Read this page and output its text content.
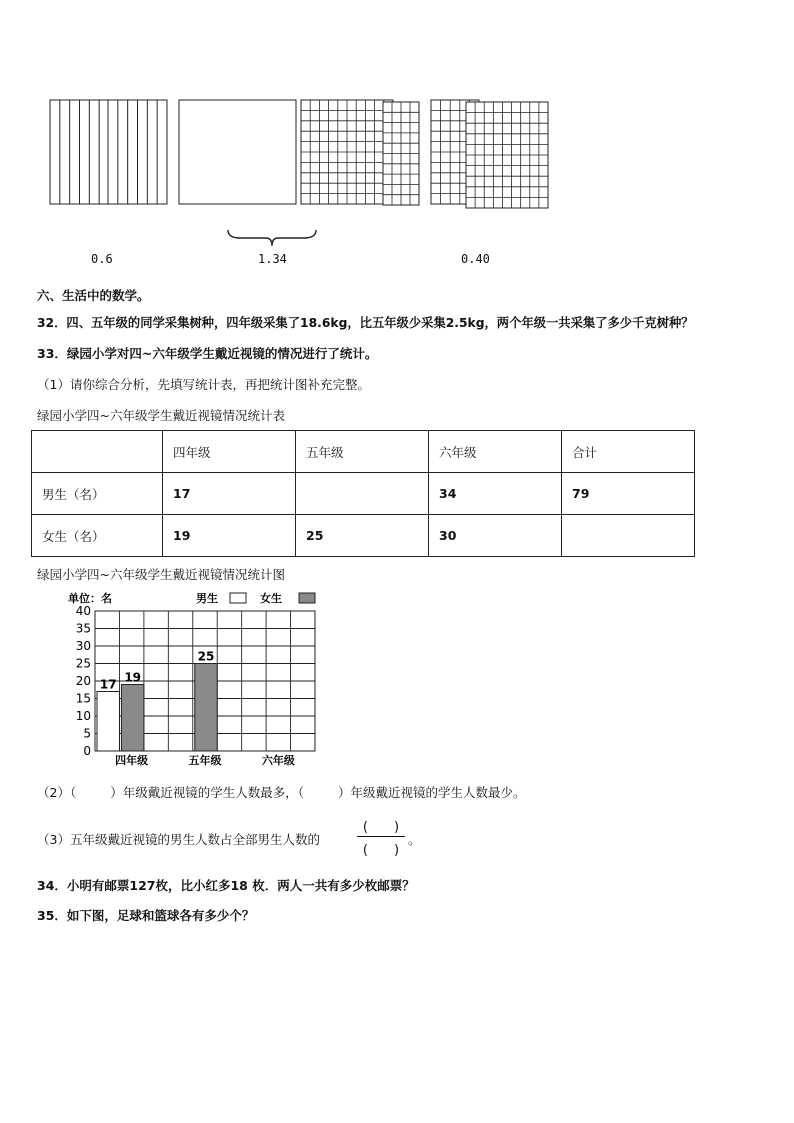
0.6	1.34	0.40
六、生活中的数学。
32．四、五年级的同学采集树种，四年级采集了18.6kg，比五年级少采集2.5kg，两个年级一共采集了多少千克树种？
33．绿园小学对四~六年级学生戴近视镜的情况进行了统计。
（1）请你综合分析，先填写统计表，再把统计图补充完整。
绿园小学四~六年级学生戴近视镜情况统计表
	四年级	五年级	六年级	合计
男生（名）	17		34	79
女生（名）	19	25	30	
绿园小学四~六年级学生戴近视镜情况统计图
单位：名	男生	女生
0
5
10
15
20
25
30
35
40
17 19
25
四年级	五年级	六年级
（2）（	）年级戴近视镜的学生人数最多，（	）年级戴近视镜的学生人数最少。
（3）五年级戴近视镜的男生人数占全部男生人数的
(　　)
(　　)
。
34．小明有邮票127枚，比小红多18 枚．两人一共有多少枚邮票？
35．如下图，足球和篮球各有多少个？
